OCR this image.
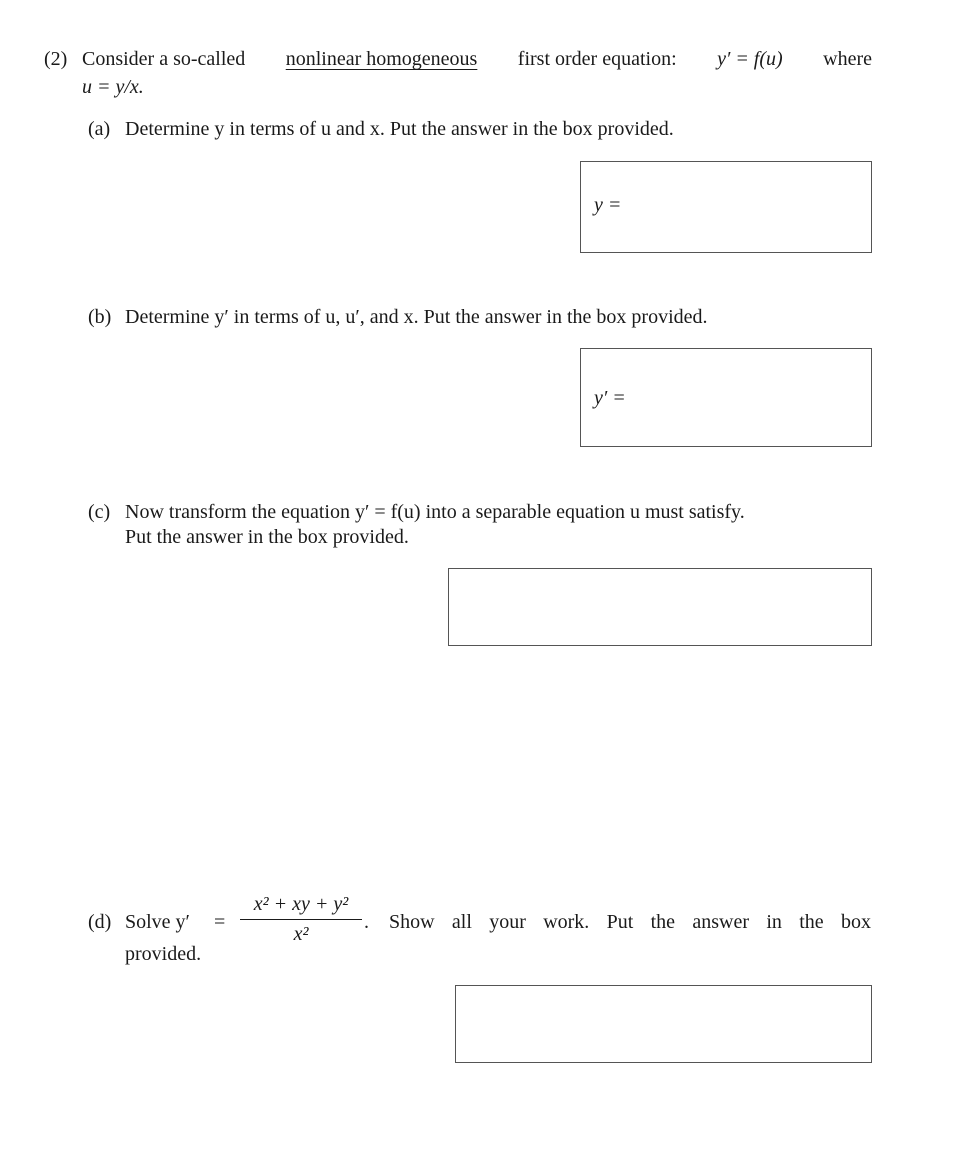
(2) Consider a so-called nonlinear homogeneous first order equation: y′ = f(u) where
u = y/x.
(a) Determine y in terms of u and x. Put the answer in the box provided.
y =
(b) Determine y′ in terms of u, u′, and x. Put the answer in the box provided.
y′ =
(c) Now transform the equation y′ = f(u) into a separable equation u must satisfy.
Put the answer in the box provided.
(d) Solve y′ =
x² + xy + y²
x²
. Show all your work. Put the answer in the box
provided.
